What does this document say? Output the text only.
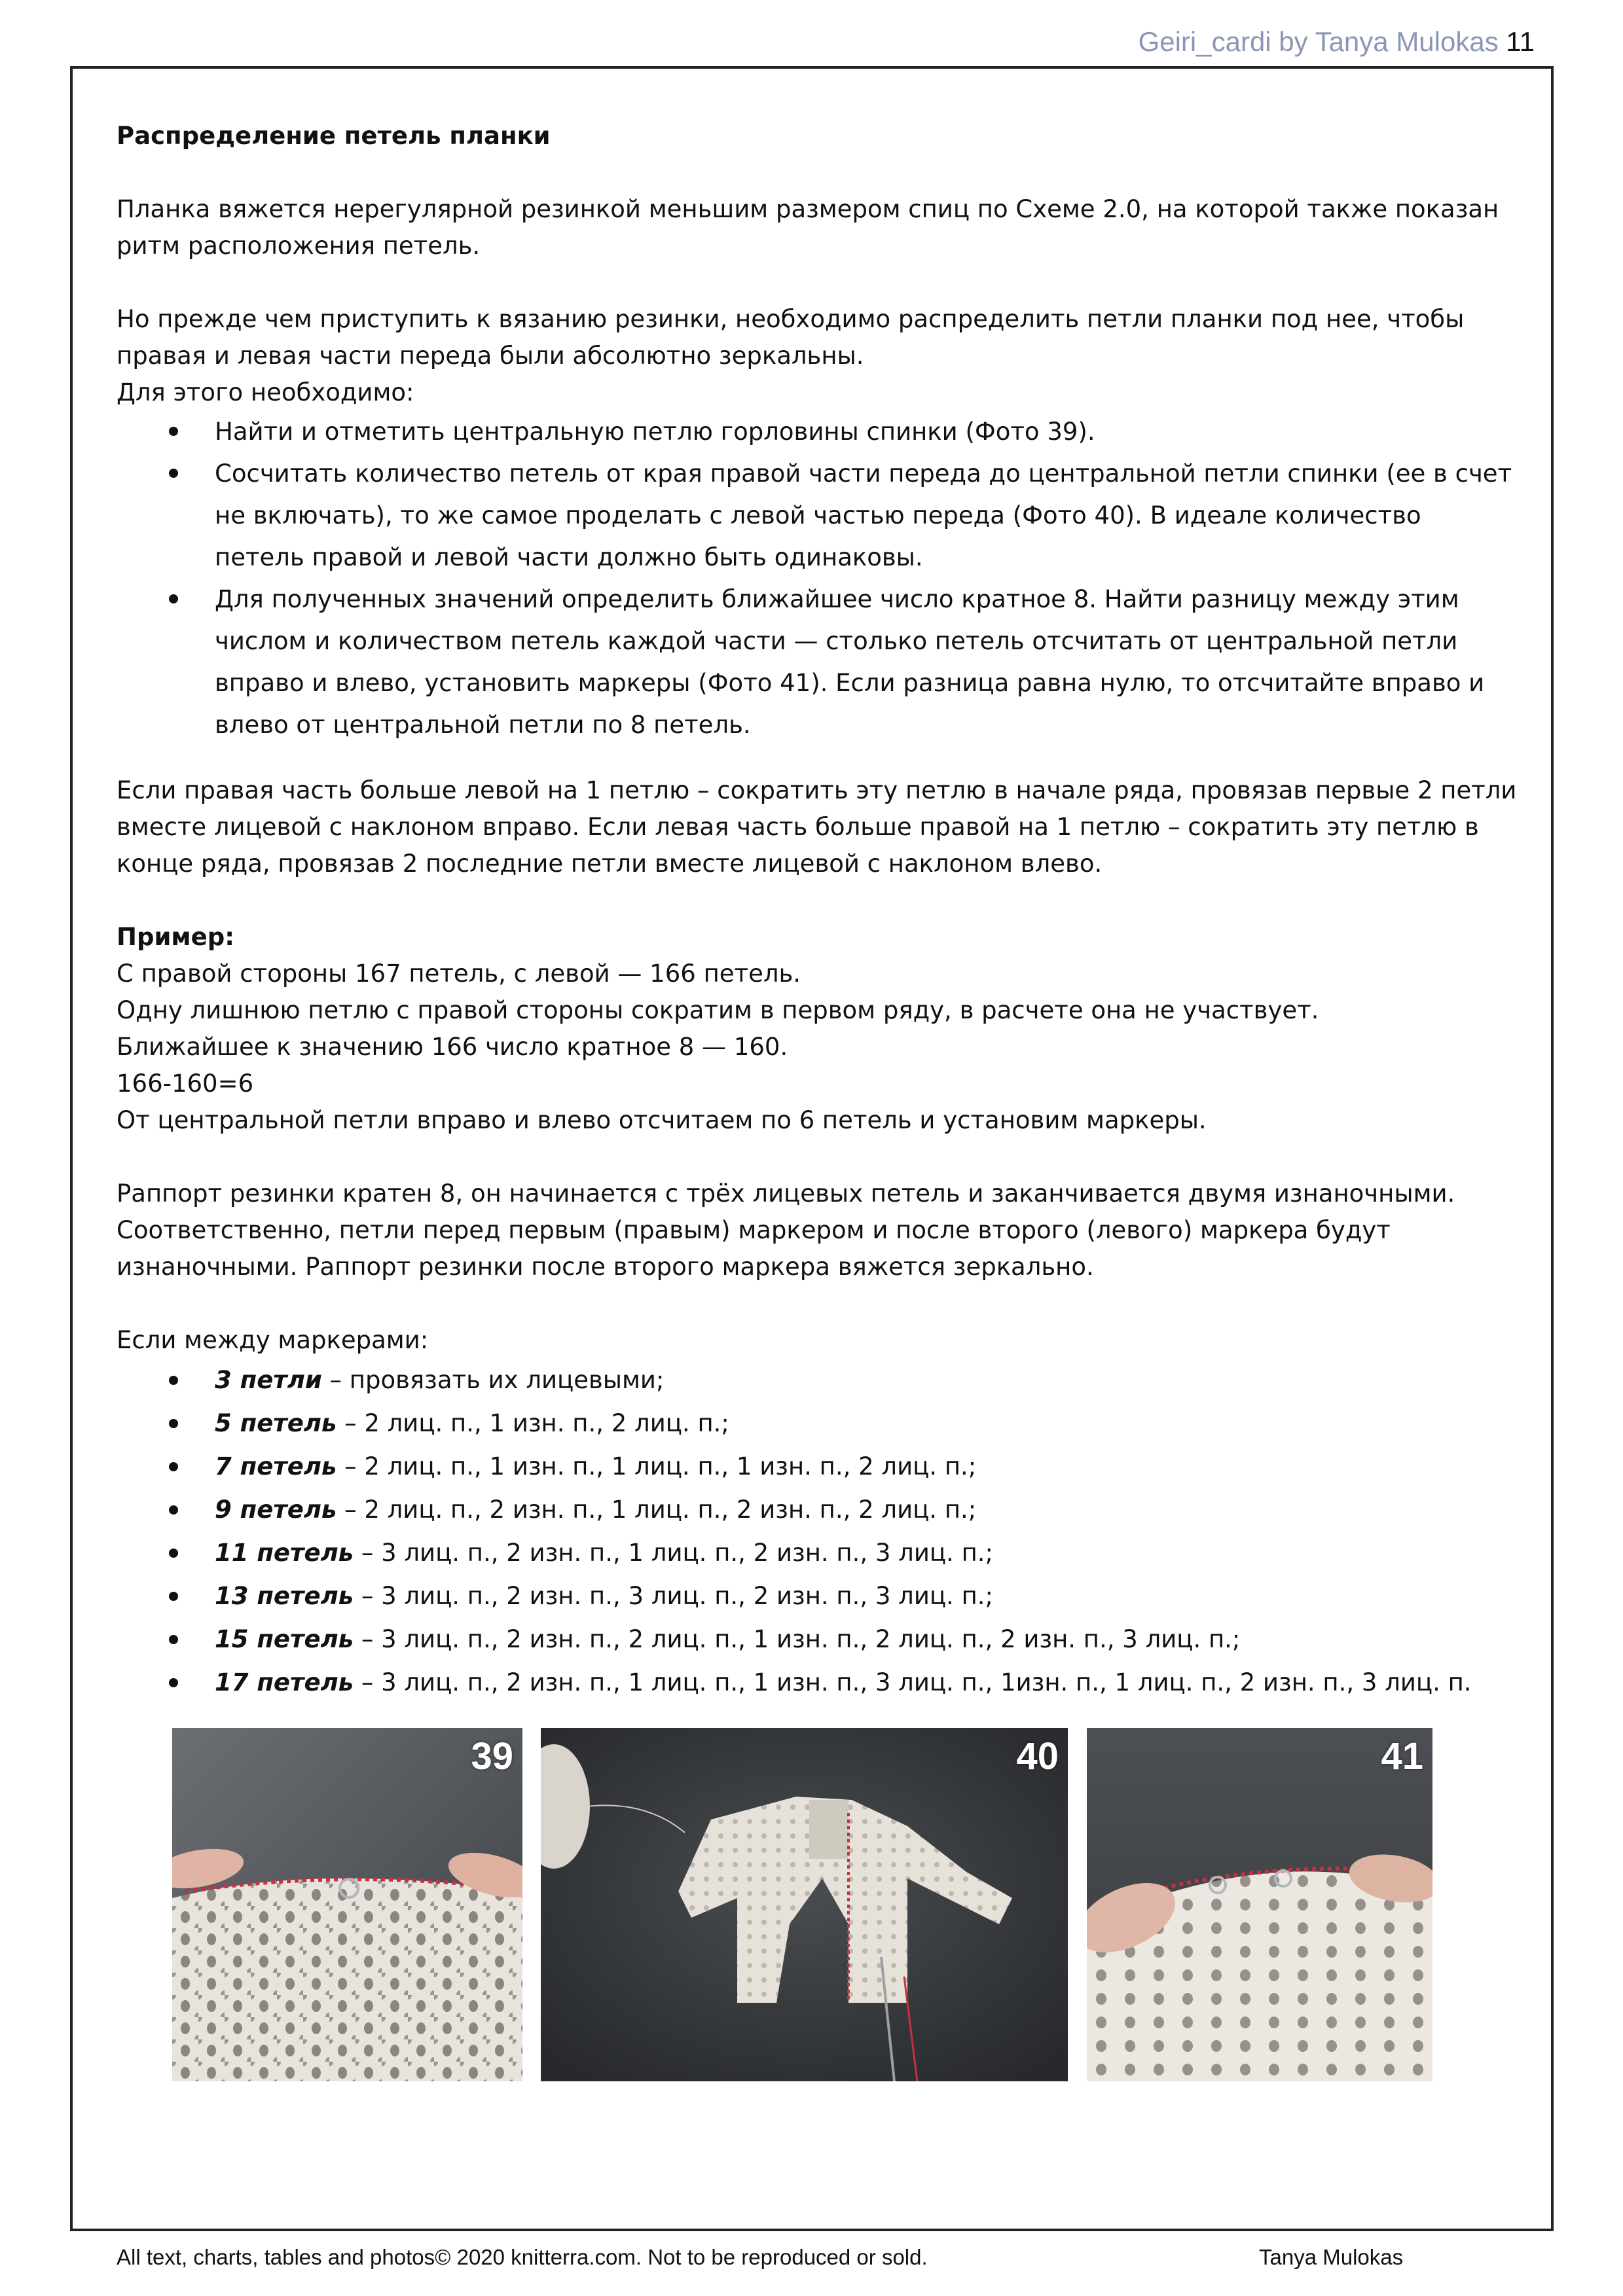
Geiri_cardi by Tanya Mulokas 11

Распределение петель планки

Планка вяжется нерегулярной резинкой меньшим размером спиц по Схеме 2.0, на которой также показан ритм расположения петель.

Но прежде чем приступить к вязанию резинки, необходимо распределить петли планки под нее, чтобы правая и левая части переда были абсолютно зеркальны.

Для этого необходимо:

Найти и отметить центральную петлю горловины спинки (Фото 39).
Сосчитать количество петель от края правой части переда до центральной петли спинки (ее в счет не включать), то же самое проделать с левой частью переда (Фото 40). В идеале количество петель правой и левой части должно быть одинаковы.
Для полученных значений определить ближайшее число кратное 8. Найти разницу между этим числом и количеством петель каждой части — столько петель отсчитать от центральной петли вправо и влево, установить маркеры (Фото 41). Если разница равна нулю, то отсчитайте вправо и влево от центральной петли по 8 петель.

Если правая часть больше левой на 1 петлю – сократить эту петлю в начале ряда, провязав первые 2 петли вместе лицевой с наклоном вправо. Если левая часть больше правой на 1 петлю – сократить эту петлю в конце ряда, провязав 2 последние петли вместе лицевой с наклоном влево.

Пример:

С правой стороны 167 петель, с левой — 166 петель.

Одну лишнюю петлю с правой стороны сократим в первом ряду, в расчете она не участвует.

Ближайшее к значению 166 число кратное 8 — 160.

166-160=6

От центральной петли вправо и влево отсчитаем по 6 петель и установим маркеры.

Раппорт резинки кратен 8, он начинается с трёх лицевых петель и заканчивается двумя изнаночными. Соответственно, петли перед первым (правым) маркером и после второго (левого) маркера будут изнаночными. Раппорт резинки после второго маркера вяжется зеркально.

Если между маркерами:

3 петли – провязать их лицевыми;
5 петель – 2 лиц. п., 1 изн. п., 2 лиц. п.;
7 петель – 2 лиц. п., 1 изн. п., 1 лиц. п., 1 изн. п., 2 лиц. п.;
9 петель – 2 лиц. п., 2 изн. п., 1 лиц. п., 2 изн. п., 2 лиц. п.;
11 петель – 3 лиц. п., 2 изн. п., 1 лиц. п., 2 изн. п., 3 лиц. п.;
13 петель – 3 лиц. п., 2 изн. п., 3 лиц. п., 2 изн. п., 3 лиц. п.;
15 петель – 3 лиц. п., 2 изн. п., 2 лиц. п., 1 изн. п., 2 лиц. п., 2 изн. п., 3 лиц. п.;
17 петель – 3 лиц. п., 2 изн. п., 1 лиц. п., 1 изн. п., 3 лиц. п., 1изн. п., 1 лиц. п., 2 изн. п., 3 лиц. п.
39	40	41
All text, charts, tables and photos© 2020 knitterra.com. Not to be reproduced or sold.	Tanya Mulokas
